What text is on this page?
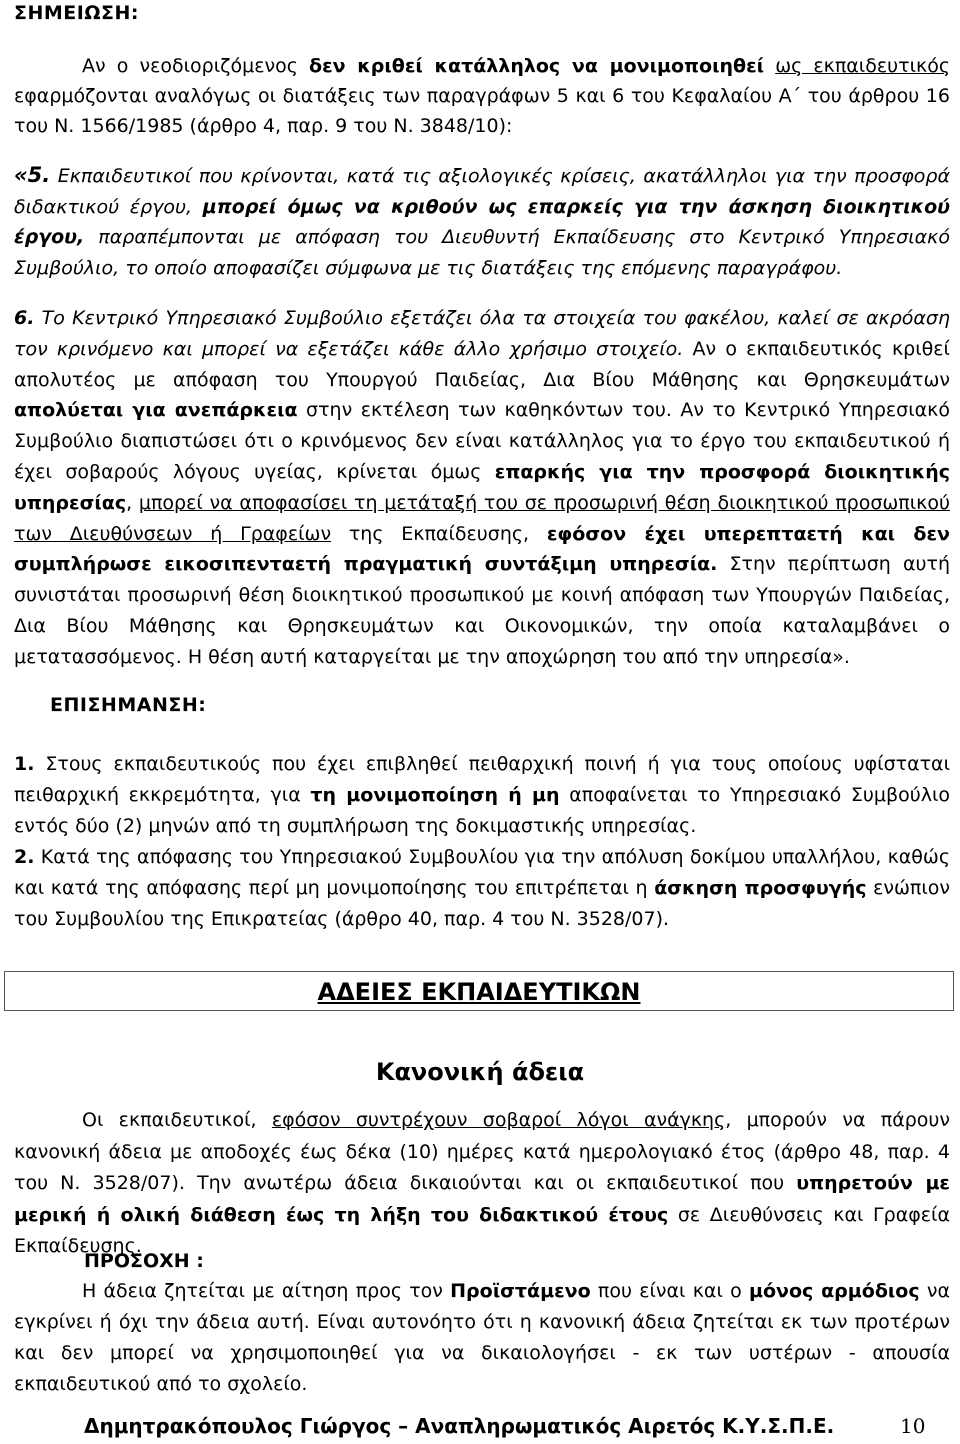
ΣΗΜΕΙΩΣΗ:

Αν ο νεοδιοριζόμενος δεν κριθεί κατάλληλος να μονιμοποιηθεί ως εκπαιδευτικός εφαρμόζονται αναλόγως οι διατάξεις των παραγράφων 5 και 6 του Κεφαλαίου Α΄ του άρθρου 16 του Ν. 1566/1985 (άρθρο 4, παρ. 9 του Ν. 3848/10):

«5. Εκπαιδευτικοί που κρίνονται, κατά τις αξιολογικές κρίσεις, ακατάλληλοι για την προσφορά διδακτικού έργου, μπορεί όμως να κριθούν ως επαρκείς για την άσκηση διοικητικού έργου, παραπέμπονται με απόφαση του Διευθυντή Εκπαίδευσης στο Κεντρικό Υπηρεσιακό Συμβούλιο, το οποίο αποφασίζει σύμφωνα με τις διατάξεις της επόμενης παραγράφου.

6. Το Κεντρικό Υπηρεσιακό Συμβούλιο εξετάζει όλα τα στοιχεία του φακέλου, καλεί σε ακρόαση τον κρινόμενο και μπορεί να εξετάζει κάθε άλλο χρήσιμο στοιχείο. Αν ο εκπαιδευτικός κριθεί απολυτέος με απόφαση του Υπουργού Παιδείας, Δια Βίου Μάθησης και Θρησκευμάτων απολύεται για ανεπάρκεια στην εκτέλεση των καθηκόντων του. Αν το Κεντρικό Υπηρεσιακό Συμβούλιο διαπιστώσει ότι ο κρινόμενος δεν είναι κατάλληλος για το έργο του εκπαιδευτικού ή έχει σοβαρούς λόγους υγείας, κρίνεται όμως επαρκής για την προσφορά διοικητικής υπηρεσίας, μπορεί να αποφασίσει τη μετάταξή του σε προσωρινή θέση διοικητικού προσωπικού των Διευθύνσεων ή Γραφείων της Εκπαίδευσης, εφόσον έχει υπερεπταετή και δεν συμπλήρωσε εικοσιπενταετή πραγματική συντάξιμη υπηρεσία. Στην περίπτωση αυτή συνιστάται προσωρινή θέση διοικητικού προσωπικού με κοινή απόφαση των Υπουργών Παιδείας, Δια Βίου Μάθησης και Θρησκευμάτων και Οικονομικών, την οποία καταλαμβάνει ο μετατασσόμενος. Η θέση αυτή καταργείται με την αποχώρηση του από την υπηρεσία».

ΕΠΙΣΗΜΑΝΣΗ:

1. Στους εκπαιδευτικούς που έχει επιβληθεί πειθαρχική ποινή ή για τους οποίους υφίσταται πειθαρχική εκκρεμότητα, για τη μονιμοποίηση ή μη αποφαίνεται το Υπηρεσιακό Συμβούλιο εντός δύο (2) μηνών από τη συμπλήρωση της δοκιμαστικής υπηρεσίας.

2. Κατά της απόφασης του Υπηρεσιακού Συμβουλίου για την απόλυση δοκίμου υπαλλήλου, καθώς και κατά της απόφασης περί μη μονιμοποίησης του επιτρέπεται η άσκηση προσφυγής ενώπιον του Συμβουλίου της Επικρατείας (άρθρο 40, παρ. 4 του Ν. 3528/07).

ΑΔΕΙΕΣ ΕΚΠΑΙΔΕΥΤΙΚΩΝ
Κανονική άδεια

Οι εκπαιδευτικοί, εφόσον συντρέχουν σοβαροί λόγοι ανάγκης, μπορούν να πάρουν κανονική άδεια με αποδοχές έως δέκα (10) ημέρες κατά ημερολογιακό έτος (άρθρο 48, παρ. 4 του Ν. 3528/07). Την ανωτέρω άδεια δικαιούνται και οι εκπαιδευτικοί που υπηρετούν με μερική ή ολική διάθεση έως τη λήξη του διδακτικού έτους σε Διευθύνσεις και Γραφεία Εκπαίδευσης.

ΠΡΟΣΟΧΗ :

Η άδεια ζητείται με αίτηση προς τον Προϊστάμενο που είναι και ο μόνος αρμόδιος να εγκρίνει ή όχι την άδεια αυτή. Είναι αυτονόητο ότι η κανονική άδεια ζητείται εκ των προτέρων και δεν μπορεί να χρησιμοποιηθεί για να δικαιολογήσει - εκ των υστέρων - απουσία εκπαιδευτικού από το σχολείο.

Δημητρακόπουλος Γιώργος – Αναπληρωματικός Αιρετός Κ.Υ.Σ.Π.Ε.	10
